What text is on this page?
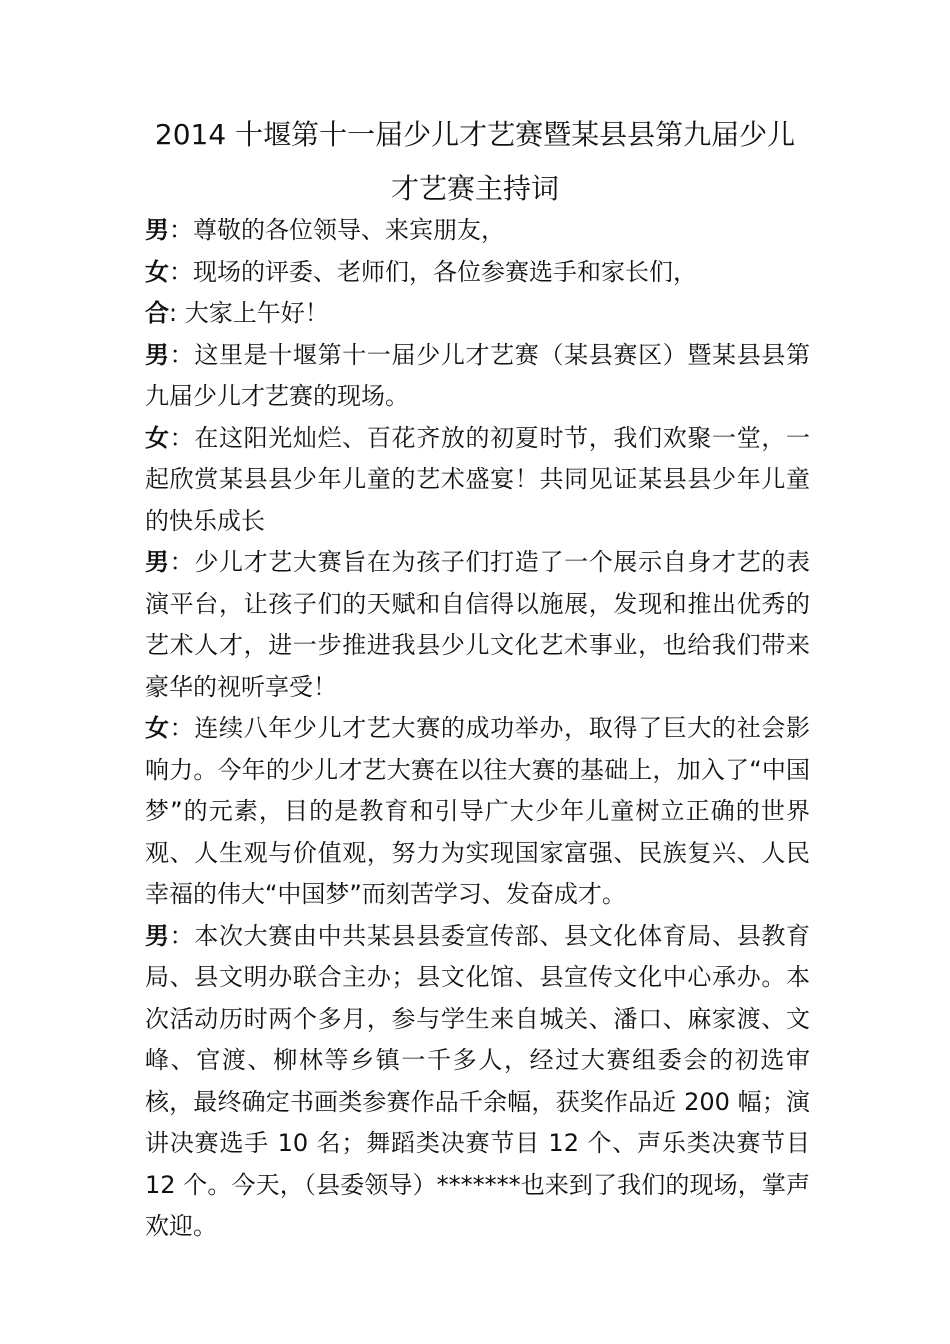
2014 十堰第十一届少儿才艺赛暨某县县第九届少儿
才艺赛主持词

男：尊敬的各位领导、来宾朋友，

女：现场的评委、老师们，各位参赛选手和家长们，

合: 大家上午好！

男：这里是十堰第十一届少儿才艺赛（某县赛区）暨某县县第九届少儿才艺赛的现场。

女：在这阳光灿烂、百花齐放的初夏时节，我们欢聚一堂，一起欣赏某县县少年儿童的艺术盛宴！共同见证某县县少年儿童的快乐成长

男：少儿才艺大赛旨在为孩子们打造了一个展示自身才艺的表演平台，让孩子们的天赋和自信得以施展，发现和推出优秀的艺术人才，进一步推进我县少儿文化艺术事业，也给我们带来豪华的视听享受！

女：连续八年少儿才艺大赛的成功举办，取得了巨大的社会影响力。今年的少儿才艺大赛在以往大赛的基础上，加入了“中国梦”的元素，目的是教育和引导广大少年儿童树立正确的世界观、人生观与价值观，努力为实现国家富强、民族复兴、人民幸福的伟大“中国梦”而刻苦学习、发奋成才。

男：本次大赛由中共某县县委宣传部、县文化体育局、县教育局、县文明办联合主办；县文化馆、县宣传文化中心承办。本次活动历时两个多月，参与学生来自城关、潘口、麻家渡、文峰、官渡、柳林等乡镇一千多人，经过大赛组委会的初选审核，最终确定书画类参赛作品千余幅，获奖作品近 200 幅；演讲决赛选手 10 名；舞蹈类决赛节目 12 个、声乐类决赛节目 12 个。今天，（县委领导）*******也来到了我们的现场，掌声欢迎。
